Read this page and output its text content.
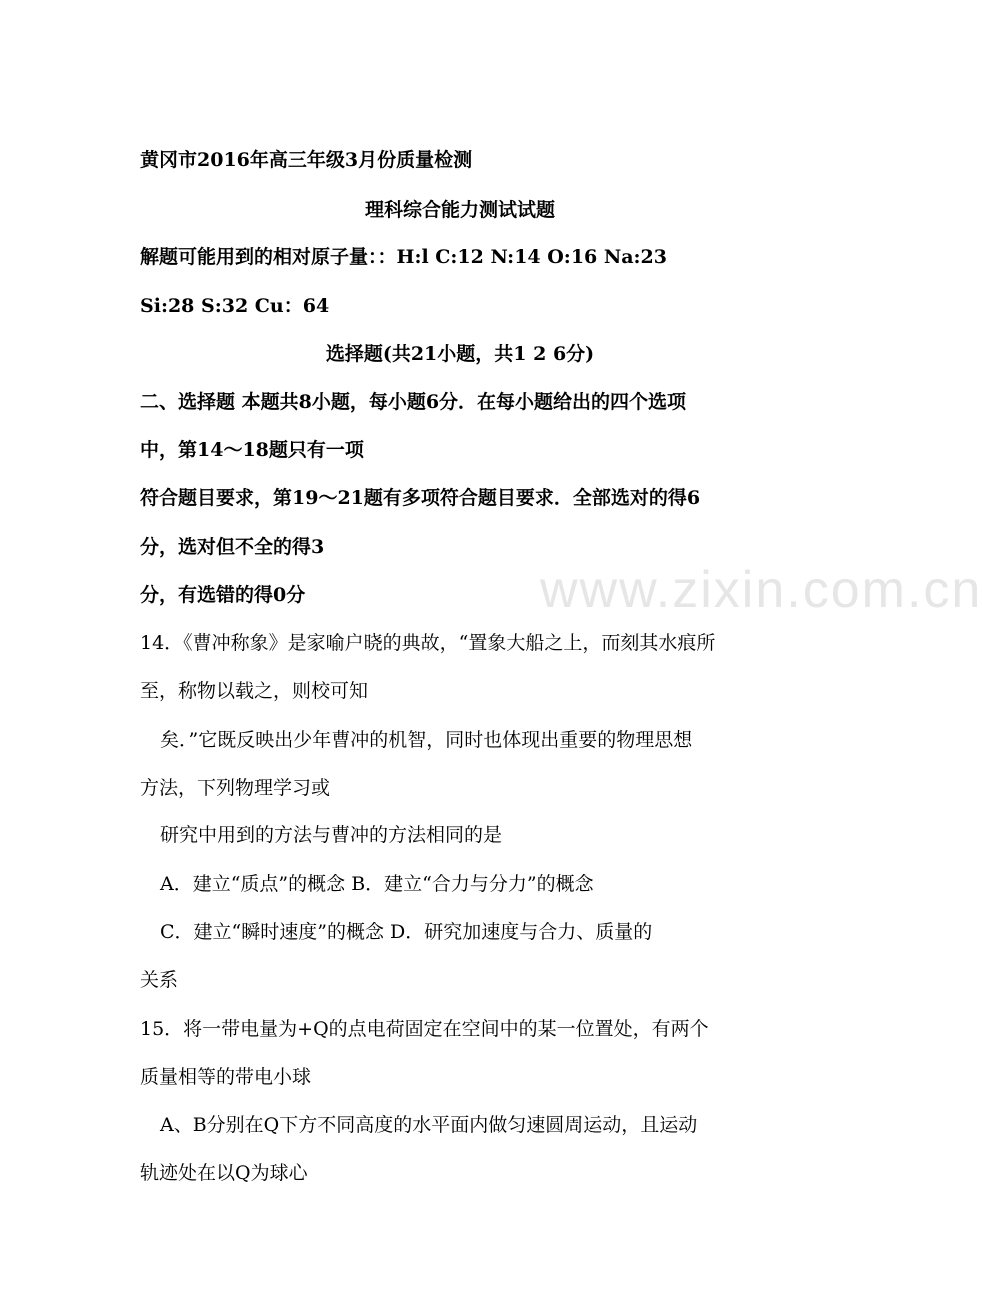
www.zixin.com.cn
黄冈市2016年高三年级3月份质量检测
理科综合能力测试试题
解题可能用到的相对原子量：：H:l C:12 N:14 O:16 Na:23
Si:28 S:32 Cu：64
选择题(共21小题，共1 2 6分)
二、选择题 本题共8小题，每小题6分．在每小题给出的四个选项
中，第14～18题只有一项
符合题目要求，第19～21题有多项符合题目要求．全部选对的得6
分，选对但不全的得3
分，有选错的得0分
14．《曹冲称象》是家喻户晓的典故，“置象大船之上，而刻其水痕所
至，称物以载之，则校可知
矣．”它既反映出少年曹冲的机智，同时也体现出重要的物理思想
方法，下列物理学习或
研究中用到的方法与曹冲的方法相同的是
A．建立“质点”的概念 B．建立“合力与分力”的概念
C．建立“瞬时速度”的概念 D．研究加速度与合力、质量的
关系
15．将一带电量为+Q的点电荷固定在空间中的某一位置处，有两个
质量相等的带电小球
A、B分别在Q下方不同高度的水平面内做匀速圆周运动，且运动
轨迹处在以Q为球心
